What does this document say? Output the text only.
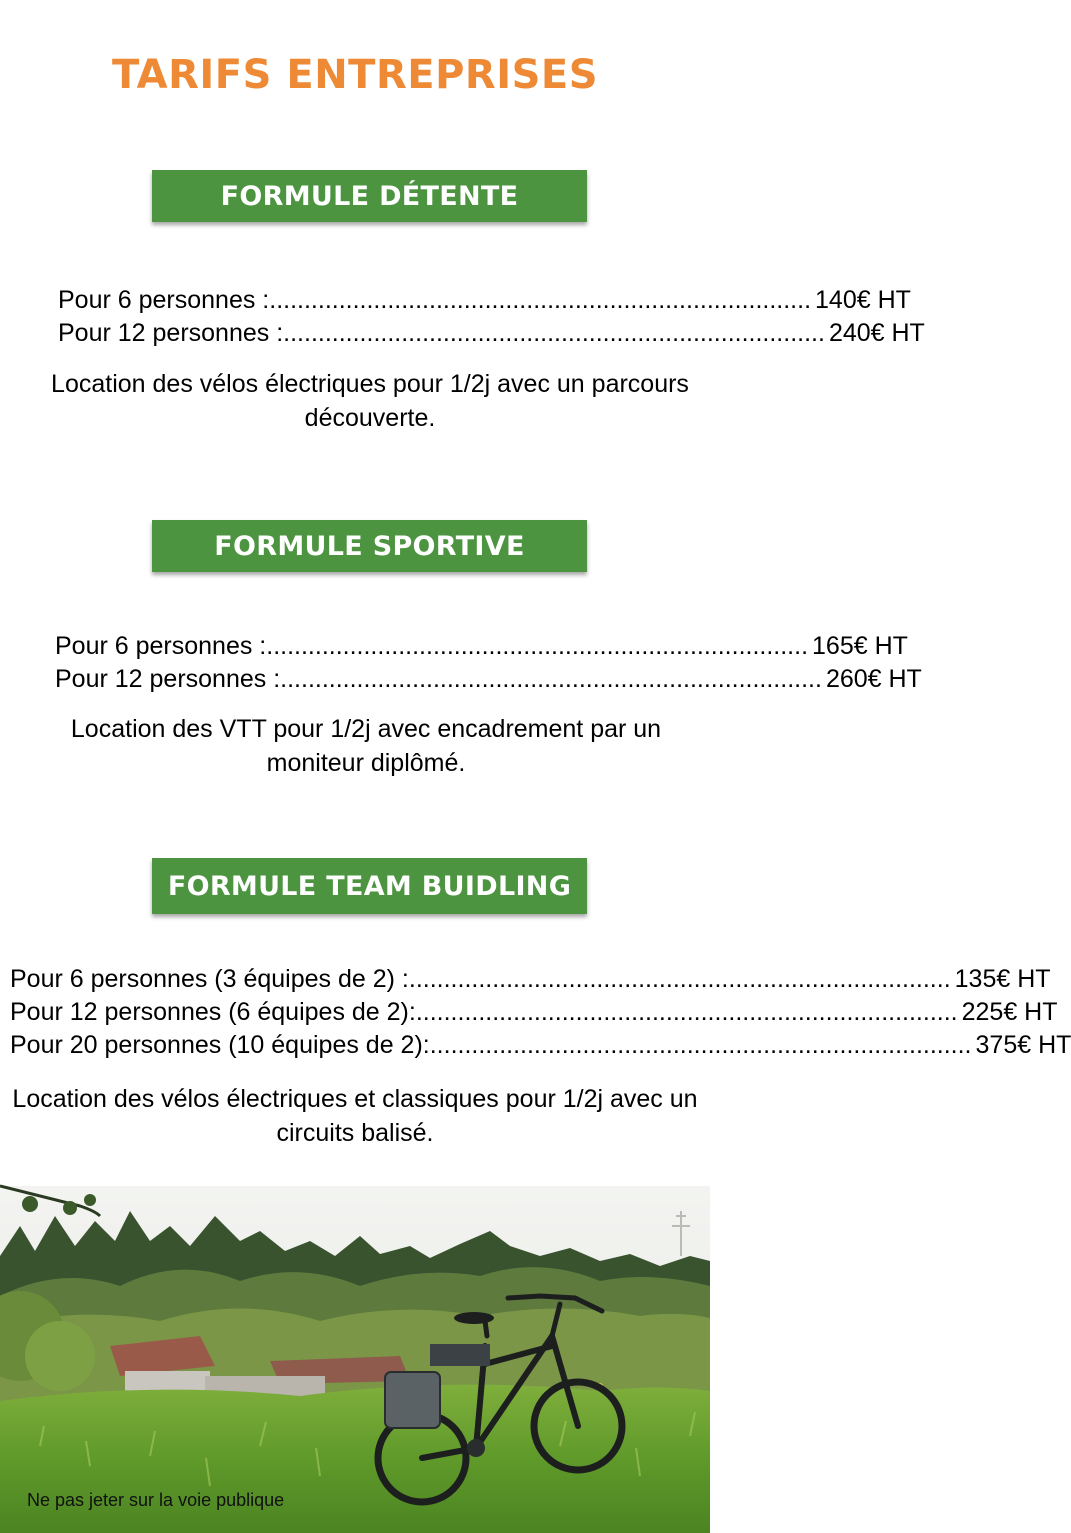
TARIFS ENTREPRISES
FORMULE DÉTENTE
Pour 6 personnes : .............................................................................. 140€ HT
Pour 12 personnes : .............................................................................. 240€ HT
Location des vélos électriques pour 1/2j avec un parcours découverte.
FORMULE SPORTIVE
Pour 6 personnes : .............................................................................. 165€ HT
Pour 12 personnes : .............................................................................. 260€ HT
Location des VTT pour 1/2j avec encadrement par un moniteur diplômé.
FORMULE TEAM BUIDLING
Pour 6 personnes (3 équipes de 2) : .............................................................................. 135€ HT
Pour 12 personnes (6 équipes de 2): .............................................................................. 225€ HT
Pour 20 personnes (10 équipes de 2): .............................................................................. 375€ HT
Location des vélos électriques et classiques pour 1/2j avec un circuits balisé.
Ne pas jeter sur la voie publique
